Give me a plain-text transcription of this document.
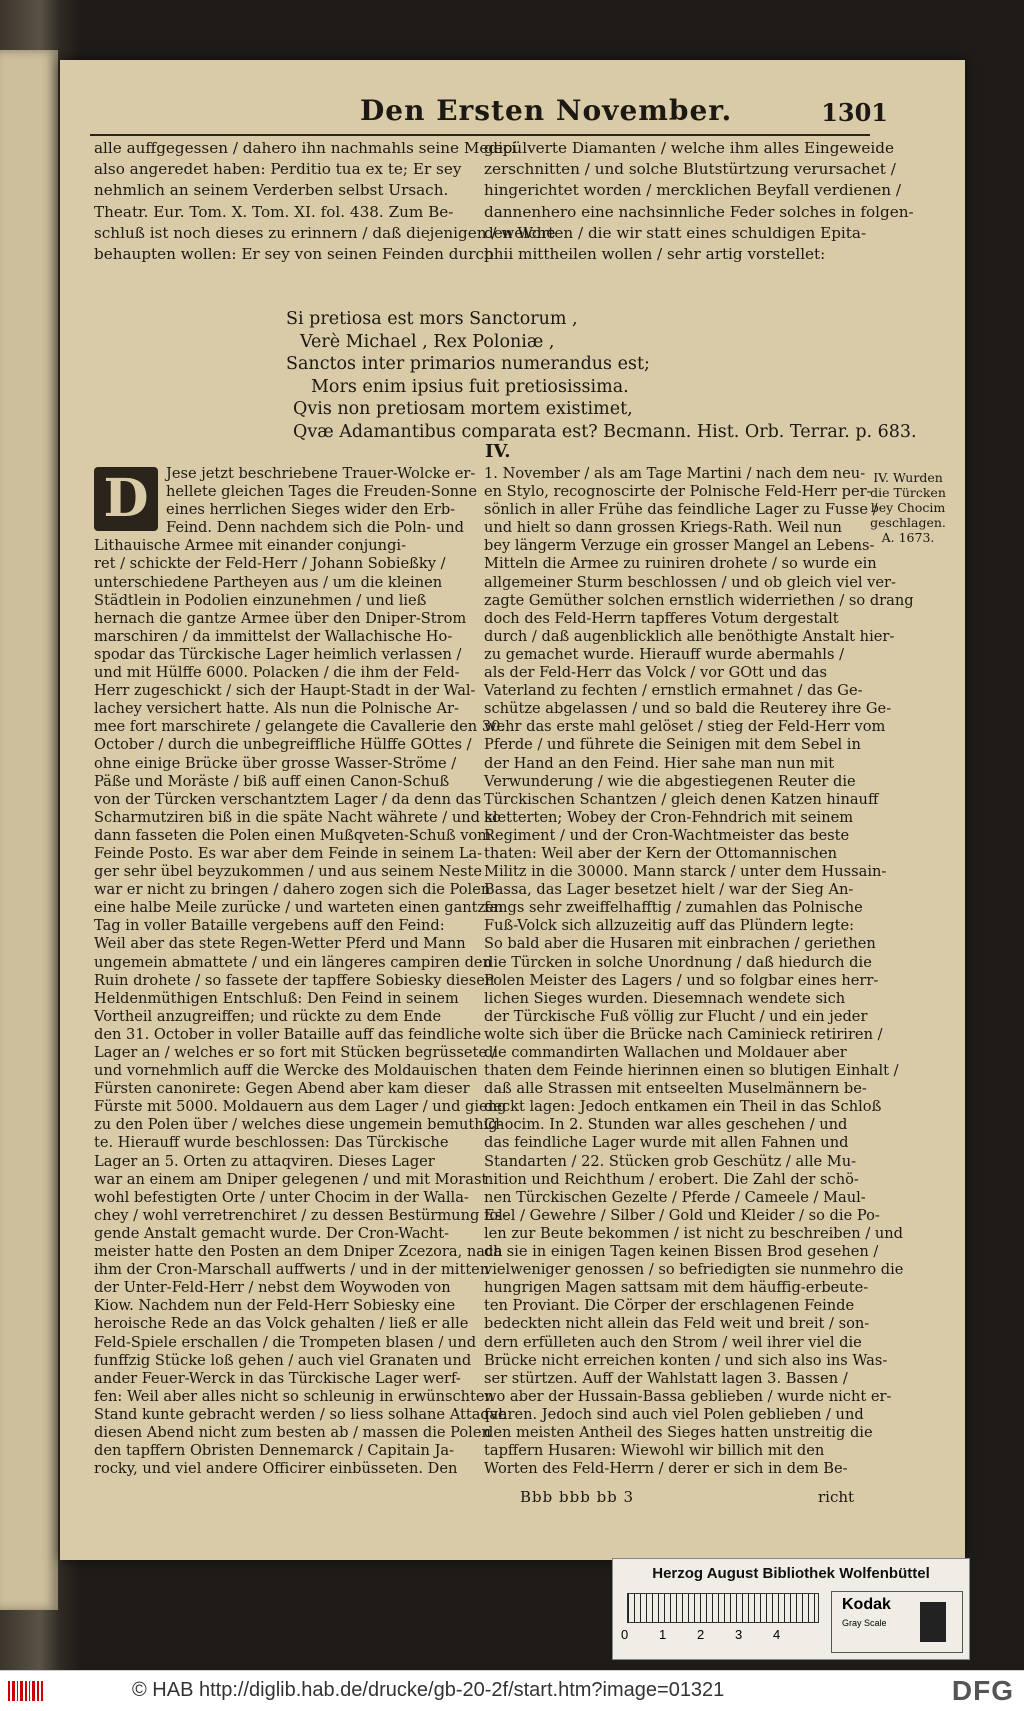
Den Ersten November.	1301
alle auffgegessen / dahero ihn nachmahls seine Medici
also angeredet haben: Perditio tua ex te; Er sey
nehmlich an seinem Verderben selbst Ursach.
Theatr. Eur. Tom. X. Tom. XI. fol. 438. Zum Be-
schluß ist noch dieses zu erinnern / daß diejenigen / welche
behaupten wollen: Er sey von seinen Feinden durch
gepülverte Diamanten / welche ihm alles Eingeweide
zerschnitten / und solche Blutstürtzung verursachet /
hingerichtet worden / mercklichen Beyfall verdienen /
dannenhero eine nachsinnliche Feder solches in folgen-
den Worten / die wir statt eines schuldigen Epita-
phii mittheilen wollen / sehr artig vorstellet:
Si pretiosa est mors Sanctorum ,
Verè Michael , Rex Poloniæ ,
Sanctos inter primarios numerandus est;
Mors enim ipsius fuit pretiosissima.
Qvis non pretiosam mortem existimet,
Qvæ Adamantibus comparata est? Becmann. Hist. Orb. Terrar. p. 683.
IV.
D	Jese jetzt beschriebene Trauer-Wolcke er-
hellete gleichen Tages die Freuden-Sonne
eines herrlichen Sieges wider den Erb-
Feind. Denn nachdem sich die Poln- und
Lithauische Armee mit einander conjungi-
ret / schickte der Feld-Herr / Johann Sobießky /
unterschiedene Partheyen aus / um die kleinen
Städtlein in Podolien einzunehmen / und ließ
hernach die gantze Armee über den Dniper-Strom
marschiren / da immittelst der Wallachische Ho-
spodar das Türckische Lager heimlich verlassen /
und mit Hülffe 6000. Polacken / die ihm der Feld-
Herr zugeschickt / sich der Haupt-Stadt in der Wal-
lachey versichert hatte. Als nun die Polnische Ar-
mee fort marschirete / gelangete die Cavallerie den 30.
October / durch die unbegreiffliche Hülffe GOttes /
ohne einige Brücke über grosse Wasser-Ströme /
Päße und Moräste / biß auff einen Canon-Schuß
von der Türcken verschantztem Lager / da denn das
Scharmutziren biß in die späte Nacht währete / und so
dann fasseten die Polen einen Mußqveten-Schuß vom
Feinde Posto. Es war aber dem Feinde in seinem La-
ger sehr übel beyzukommen / und aus seinem Neste
war er nicht zu bringen / dahero zogen sich die Polen
eine halbe Meile zurücke / und warteten einen gantzen
Tag in voller Bataille vergebens auff den Feind:
Weil aber das stete Regen-Wetter Pferd und Mann
ungemein abmattete / und ein längeres campiren den
Ruin drohete / so fassete der tapffere Sobiesky diesen
Heldenmüthigen Entschluß: Den Feind in seinem
Vortheil anzugreiffen; und rückte zu dem Ende
den 31. October in voller Bataille auff das feindliche
Lager an / welches er so fort mit Stücken begrüssete /
und vornehmlich auff die Wercke des Moldauischen
Fürsten canonirete: Gegen Abend aber kam dieser
Fürste mit 5000. Moldauern aus dem Lager / und gieng
zu den Polen über / welches diese ungemein bemuthig-
te. Hierauff wurde beschlossen: Das Türckische
Lager an 5. Orten zu attaqviren. Dieses Lager
war an einem am Dniper gelegenen / und mit Morast
wohl befestigten Orte / unter Chocim in der Walla-
chey / wohl verretrenchiret / zu dessen Bestürmung fol-
gende Anstalt gemacht wurde. Der Cron-Wacht-
meister hatte den Posten an dem Dniper Zcezora, nach
ihm der Cron-Marschall auffwerts / und in der mitten
der Unter-Feld-Herr / nebst dem Woywoden von
Kiow. Nachdem nun der Feld-Herr Sobiesky eine
heroische Rede an das Volck gehalten / ließ er alle
Feld-Spiele erschallen / die Trompeten blasen / und
funffzig Stücke loß gehen / auch viel Granaten und
ander Feuer-Werck in das Türckische Lager werf-
fen: Weil aber alles nicht so schleunig in erwünschten
Stand kunte gebracht werden / so liess solhane Attaqve
diesen Abend nicht zum besten ab / massen die Polen
den tapffern Obristen Dennemarck / Capitain Ja-
rocky, und viel andere Officirer einbüsseten. Den
1. November / als am Tage Martini / nach dem neu-
en Stylo, recognoscirte der Polnische Feld-Herr per-
sönlich in aller Frühe das feindliche Lager zu Fusse /
und hielt so dann grossen Kriegs-Rath. Weil nun
bey längerm Verzuge ein grosser Mangel an Lebens-
Mitteln die Armee zu ruiniren drohete / so wurde ein
allgemeiner Sturm beschlossen / und ob gleich viel ver-
zagte Gemüther solchen ernstlich widerriethen / so drang
doch des Feld-Herrn tapfferes Votum dergestalt
durch / daß augenblicklich alle benöthigte Anstalt hier-
zu gemachet wurde. Hierauff wurde abermahls /
als der Feld-Herr das Volck / vor GOtt und das
Vaterland zu fechten / ernstlich ermahnet / das Ge-
schütze abgelassen / und so bald die Reuterey ihre Ge-
wehr das erste mahl gelöset / stieg der Feld-Herr vom
Pferde / und führete die Seinigen mit dem Sebel in
der Hand an den Feind. Hier sahe man nun mit
Verwunderung / wie die abgestiegenen Reuter die
Türckischen Schantzen / gleich denen Katzen hinauff
kletterten; Wobey der Cron-Fehndrich mit seinem
Regiment / und der Cron-Wachtmeister das beste
thaten: Weil aber der Kern der Ottomannischen
Militz in die 30000. Mann starck / unter dem Hussain-
Bassa, das Lager besetzet hielt / war der Sieg An-
fangs sehr zweiffelhafftig / zumahlen das Polnische
Fuß-Volck sich allzuzeitig auff das Plündern legte:
So bald aber die Husaren mit einbrachen / geriethen
die Türcken in solche Unordnung / daß hiedurch die
Polen Meister des Lagers / und so folgbar eines herr-
lichen Sieges wurden. Diesemnach wendete sich
der Türckische Fuß völlig zur Flucht / und ein jeder
wolte sich über die Brücke nach Caminieck retiriren /
die commandirten Wallachen und Moldauer aber
thaten dem Feinde hierinnen einen so blutigen Einhalt /
daß alle Strassen mit entseelten Muselmännern be-
deckt lagen: Jedoch entkamen ein Theil in das Schloß
Chocim. In 2. Stunden war alles geschehen / und
das feindliche Lager wurde mit allen Fahnen und
Standarten / 22. Stücken grob Geschütz / alle Mu-
nition und Reichthum / erobert. Die Zahl der schö-
nen Türckischen Gezelte / Pferde / Cameele / Maul-
Esel / Gewehre / Silber / Gold und Kleider / so die Po-
len zur Beute bekommen / ist nicht zu beschreiben / und
da sie in einigen Tagen keinen Bissen Brod gesehen /
vielweniger genossen / so befriedigten sie nunmehro die
hungrigen Magen sattsam mit dem häuffig-erbeute-
ten Proviant. Die Cörper der erschlagenen Feinde
bedeckten nicht allein das Feld weit und breit / son-
dern erfülleten auch den Strom / weil ihrer viel die
Brücke nicht erreichen konten / und sich also ins Was-
ser stürtzen. Auff der Wahlstatt lagen 3. Bassen /
wo aber der Hussain-Bassa geblieben / wurde nicht er-
fahren. Jedoch sind auch viel Polen geblieben / und
den meisten Antheil des Sieges hatten unstreitig die
tapffern Husaren: Wiewohl wir billich mit den
Worten des Feld-Herrn / derer er sich in dem Be-
IV. Wurden die Türcken bey Chocim geschlagen. A. 1673.
Bbb bbb bb 3	richt
Herzog August Bibliothek Wolfenbüttel
0 1 2 3 4
Kodak
Gray Scale
© HAB http://diglib.hab.de/drucke/gb-20-2f/start.htm?image=01321	DFG
